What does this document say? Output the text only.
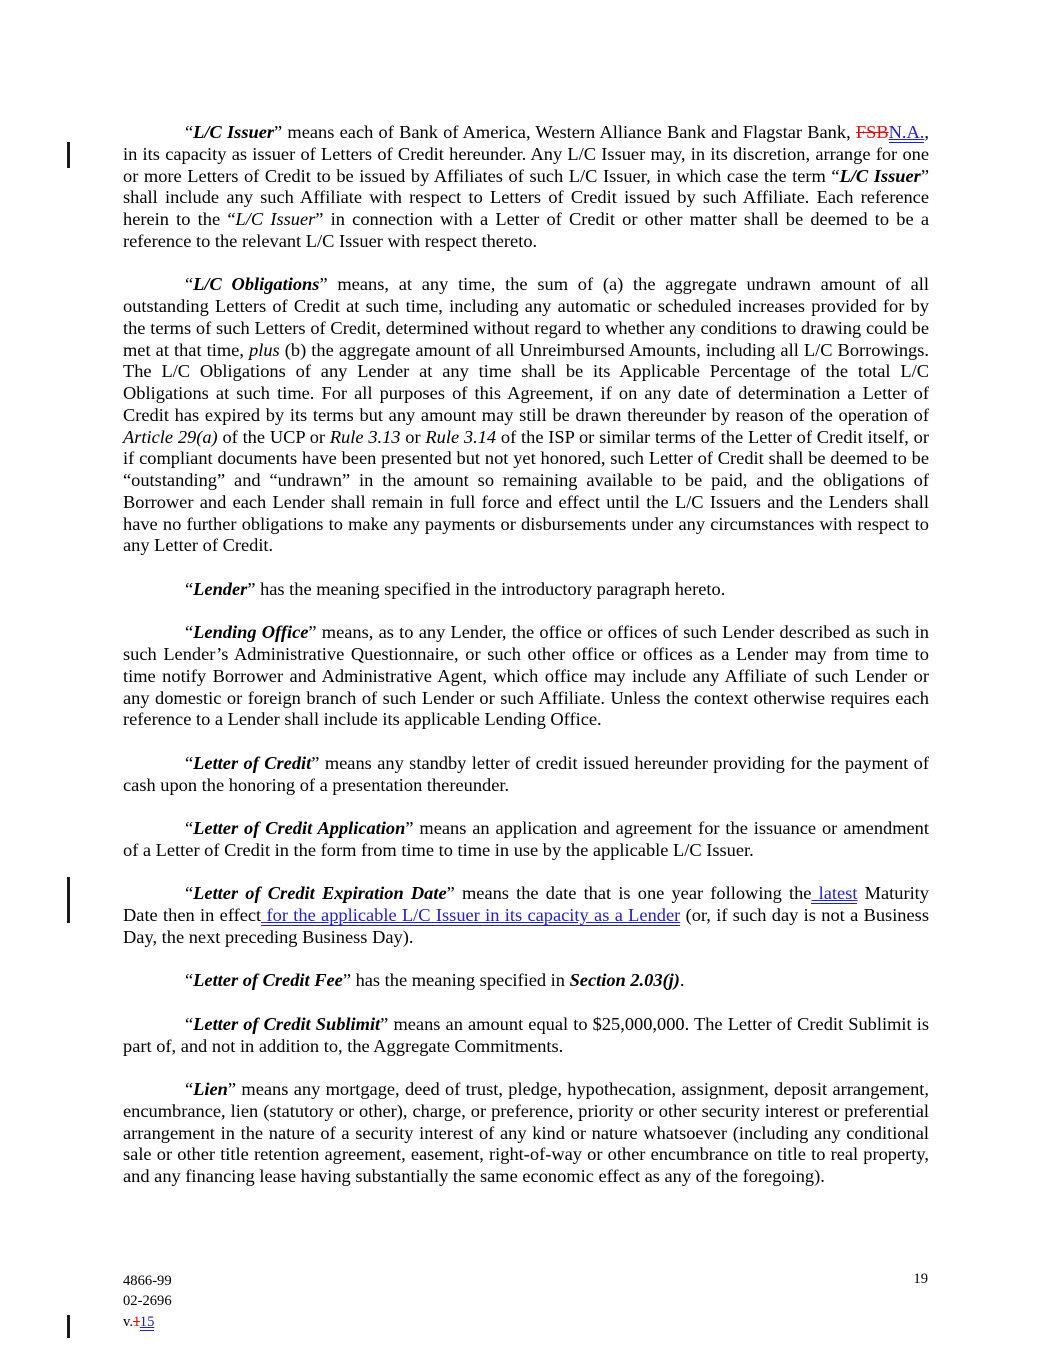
“L/C Issuer” means each of Bank of America, Western Alliance Bank and Flagstar Bank, FSBN.A., in its capacity as issuer of Letters of Credit hereunder. Any L/C Issuer may, in its discretion, arrange for one or more Letters of Credit to be issued by Affiliates of such L/C Issuer, in which case the term “L/C Issuer” shall include any such Affiliate with respect to Letters of Credit issued by such Affiliate. Each reference herein to the “L/C Issuer” in connection with a Letter of Credit or other matter shall be deemed to be a reference to the relevant L/C Issuer with respect thereto.

“L/C Obligations” means, at any time, the sum of (a) the aggregate undrawn amount of all outstanding Letters of Credit at such time, including any automatic or scheduled increases provided for by the terms of such Letters of Credit, determined without regard to whether any conditions to drawing could be met at that time, plus (b) the aggregate amount of all Unreimbursed Amounts, including all L/C Borrowings. The L/C Obligations of any Lender at any time shall be its Applicable Percentage of the total L/C Obligations at such time. For all purposes of this Agreement, if on any date of determination a Letter of Credit has expired by its terms but any amount may still be drawn thereunder by reason of the operation of Article 29(a) of the UCP or Rule 3.13 or Rule 3.14 of the ISP or similar terms of the Letter of Credit itself, or if compliant documents have been presented but not yet honored, such Letter of Credit shall be deemed to be “outstanding” and “undrawn” in the amount so remaining available to be paid, and the obligations of Borrower and each Lender shall remain in full force and effect until the L/C Issuers and the Lenders shall have no further obligations to make any payments or disbursements under any circumstances with respect to any Letter of Credit.

“Lender” has the meaning specified in the introductory paragraph hereto.

“Lending Office” means, as to any Lender, the office or offices of such Lender described as such in such Lender’s Administrative Questionnaire, or such other office or offices as a Lender may from time to time notify Borrower and Administrative Agent, which office may include any Affiliate of such Lender or any domestic or foreign branch of such Lender or such Affiliate. Unless the context otherwise requires each reference to a Lender shall include its applicable Lending Office.

“Letter of Credit” means any standby letter of credit issued hereunder providing for the payment of cash upon the honoring of a presentation thereunder.

“Letter of Credit Application” means an application and agreement for the issuance or amendment of a Letter of Credit in the form from time to time in use by the applicable L/C Issuer.

“Letter of Credit Expiration Date” means the date that is one year following the latest Maturity Date then in effect for the applicable L/C Issuer in its capacity as a Lender (or, if such day is not a Business Day, the next preceding Business Day).

“Letter of Credit Fee” has the meaning specified in Section 2.03(j).

“Letter of Credit Sublimit” means an amount equal to $25,000,000. The Letter of Credit Sublimit is part of, and not in addition to, the Aggregate Commitments.

“Lien” means any mortgage, deed of trust, pledge, hypothecation, assignment, deposit arrangement, encumbrance, lien (statutory or other), charge, or preference, priority or other security interest or preferential arrangement in the nature of a security interest of any kind or nature whatsoever (including any conditional sale or other title retention agreement, easement, right-of-way or other encumbrance on title to real property, and any financing lease having substantially the same economic effect as any of the foregoing).

4866-99
02-2696
v.115
19
